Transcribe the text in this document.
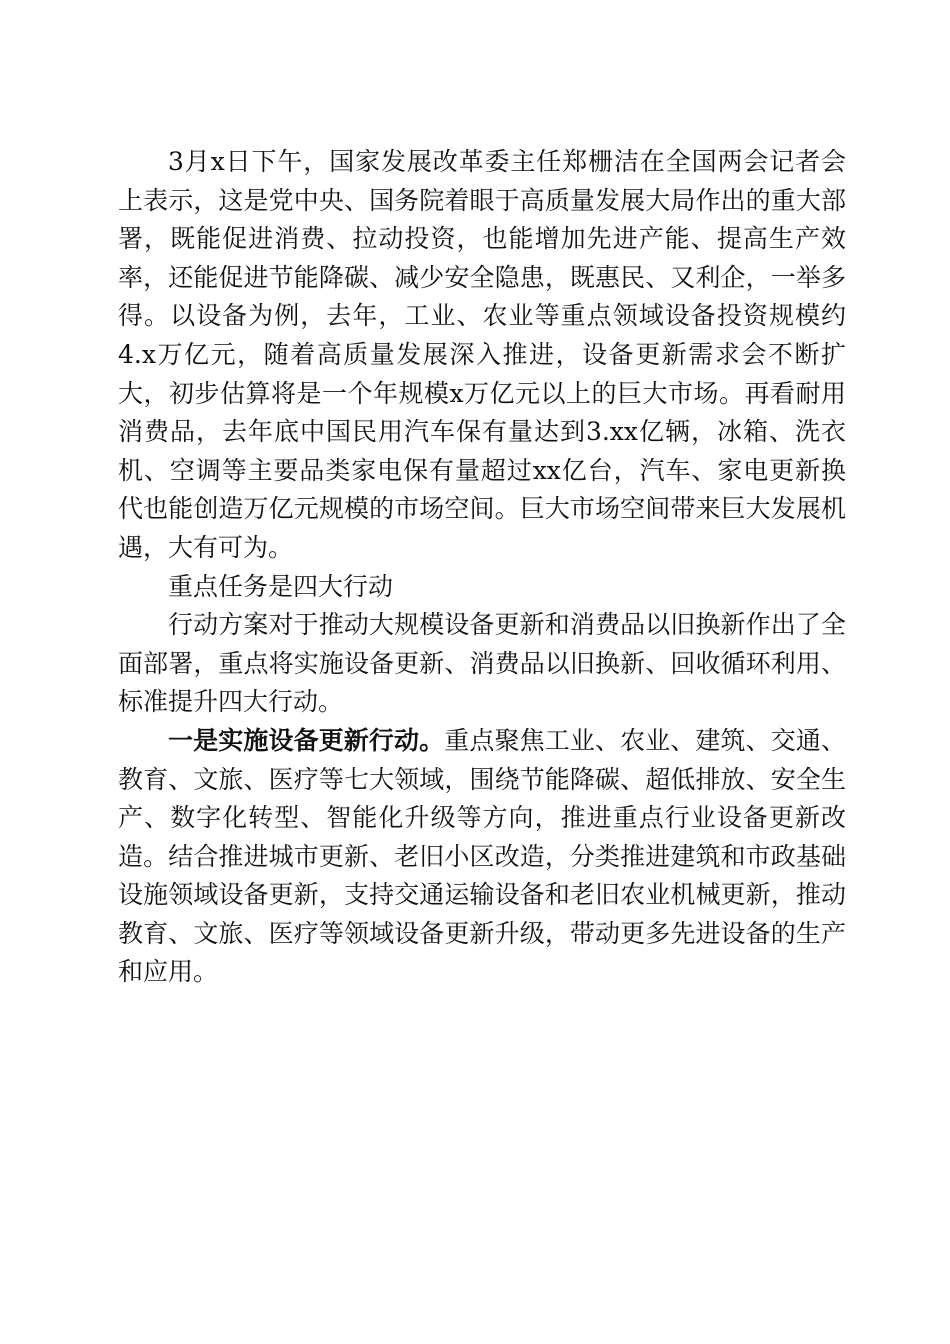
3月x日下午，国家发展改革委主任郑栅洁在全国两会记者会上表示，这是党中央、国务院着眼于高质量发展大局作出的重大部署，既能促进消费、拉动投资，也能增加先进产能、提高生产效率，还能促进节能降碳、减少安全隐患，既惠民、又利企，一举多得。以设备为例，去年，工业、农业等重点领域设备投资规模约4.x万亿元，随着高质量发展深入推进，设备更新需求会不断扩大，初步估算将是一个年规模x万亿元以上的巨大市场。再看耐用消费品，去年底中国民用汽车保有量达到3.xx亿辆，冰箱、洗衣机、空调等主要品类家电保有量超过xx亿台，汽车、家电更新换代也能创造万亿元规模的市场空间。巨大市场空间带来巨大发展机遇，大有可为。

重点任务是四大行动

行动方案对于推动大规模设备更新和消费品以旧换新作出了全面部署，重点将实施设备更新、消费品以旧换新、回收循环利用、标准提升四大行动。

一是实施设备更新行动。重点聚焦工业、农业、建筑、交通、教育、文旅、医疗等七大领域，围绕节能降碳、超低排放、安全生产、数字化转型、智能化升级等方向，推进重点行业设备更新改造。结合推进城市更新、老旧小区改造，分类推进建筑和市政基础设施领域设备更新，支持交通运输设备和老旧农业机械更新，推动教育、文旅、医疗等领域设备更新升级，带动更多先进设备的生产和应用。
